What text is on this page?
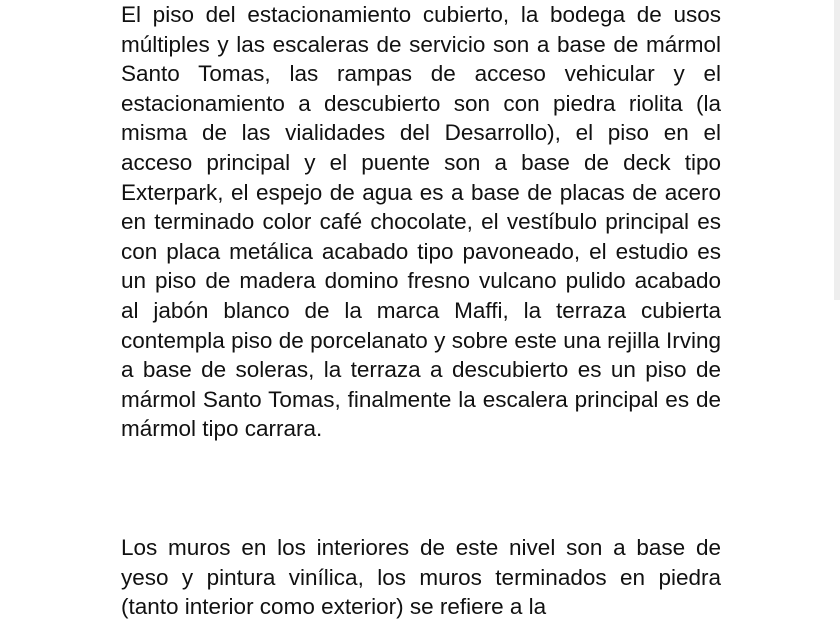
El piso del estacionamiento cubierto, la bodega de usos múltiples y las escaleras de servicio son a base de mármol Santo Tomas, las rampas de acceso vehicular y el estacionamiento a descubierto son con piedra riolita (la misma de las vialidades del Desarrollo), el piso en el acceso principal y el puente son a base de deck tipo Exterpark, el espejo de agua es a base de placas de acero en terminado color café chocolate, el vestíbulo principal es con placa metálica acabado tipo pavoneado, el estudio es un piso de madera domino fresno vulcano pulido acabado al jabón blanco de la marca Maffi, la terraza cubierta contempla piso de porcelanato y sobre este una rejilla Irving a base de soleras, la terraza a descubierto es un piso de mármol Santo Tomas, finalmente la escalera principal es de mármol tipo carrara.

Los muros en los interiores de este nivel son a base de yeso y pintura vinílica, los muros terminados en piedra (tanto interior como exterior) se refiere a la
